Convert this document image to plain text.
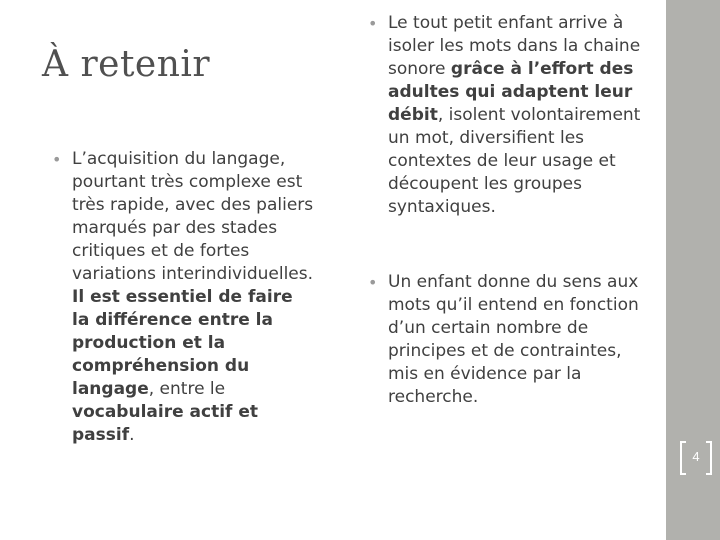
À retenir
• L’acquisition du langage, pourtant très complexe est très rapide, avec des paliers marqués par des stades critiques et de fortes variations interindividuelles. Il est essentiel de faire la différence entre la production et la compréhension du langage, entre le vocabulaire actif et passif.
• Le tout petit enfant arrive à isoler les mots dans la chaine sonore grâce à l’effort des adultes qui adaptent leur débit, isolent volontairement un mot, diversifient les contextes de leur usage et découpent les groupes syntaxiques.
• Un enfant donne du sens aux mots qu’il entend en fonction d’un certain nombre de principes et de contraintes, mis en évidence par la recherche.
4
